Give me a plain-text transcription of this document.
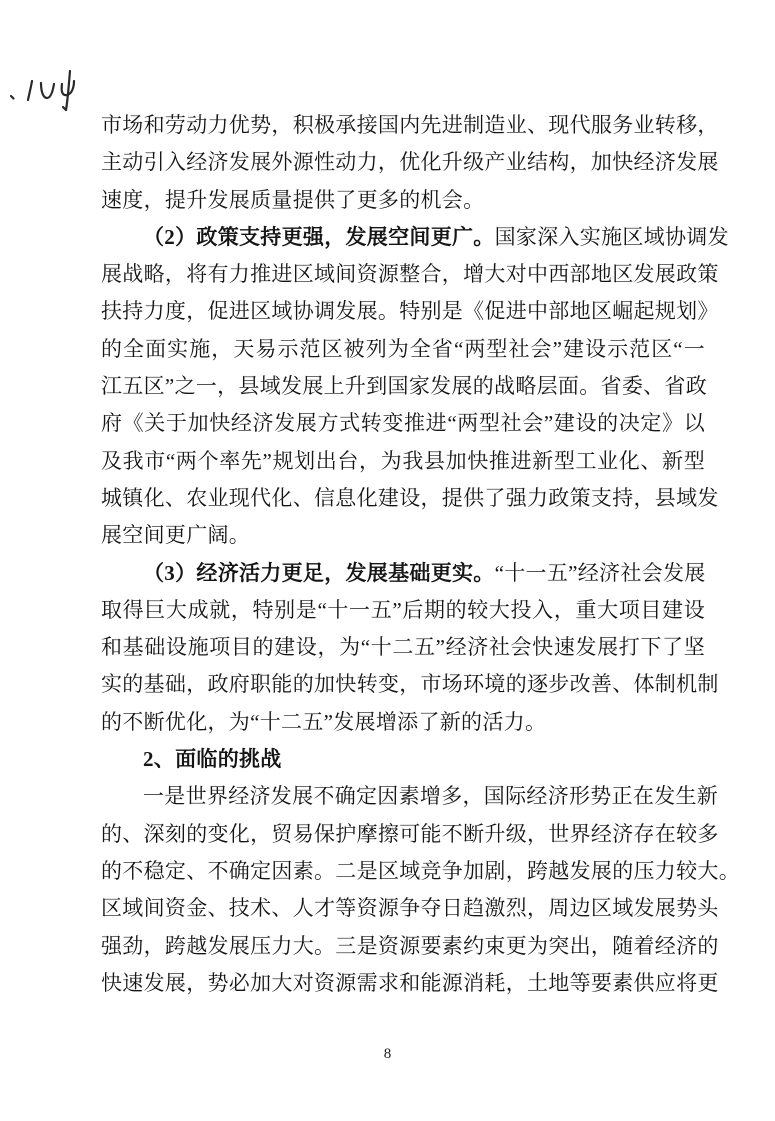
市场和劳动力优势，积极承接国内先进制造业、现代服务业转移，
主动引入经济发展外源性动力，优化升级产业结构，加快经济发展
速度，提升发展质量提供了更多的机会。
（2）政策支持更强，发展空间更广。国家深入实施区域协调发
展战略，将有力推进区域间资源整合，增大对中西部地区发展政策
扶持力度，促进区域协调发展。特别是《促进中部地区崛起规划》
的全面实施，天易示范区被列为全省“两型社会”建设示范区“一
江五区”之一，县域发展上升到国家发展的战略层面。省委、省政
府《关于加快经济发展方式转变推进“两型社会”建设的决定》以
及我市“两个率先”规划出台，为我县加快推进新型工业化、新型
城镇化、农业现代化、信息化建设，提供了强力政策支持，县域发
展空间更广阔。
（3）经济活力更足，发展基础更实。“十一五”经济社会发展
取得巨大成就，特别是“十一五”后期的较大投入，重大项目建设
和基础设施项目的建设，为“十二五”经济社会快速发展打下了坚
实的基础，政府职能的加快转变，市场环境的逐步改善、体制机制
的不断优化，为“十二五”发展增添了新的活力。
2、面临的挑战
一是世界经济发展不确定因素增多，国际经济形势正在发生新
的、深刻的变化，贸易保护摩擦可能不断升级，世界经济存在较多
的不稳定、不确定因素。二是区域竞争加剧，跨越发展的压力较大。
区域间资金、技术、人才等资源争夺日趋激烈，周边区域发展势头
强劲，跨越发展压力大。三是资源要素约束更为突出，随着经济的
快速发展，势必加大对资源需求和能源消耗，土地等要素供应将更
8
